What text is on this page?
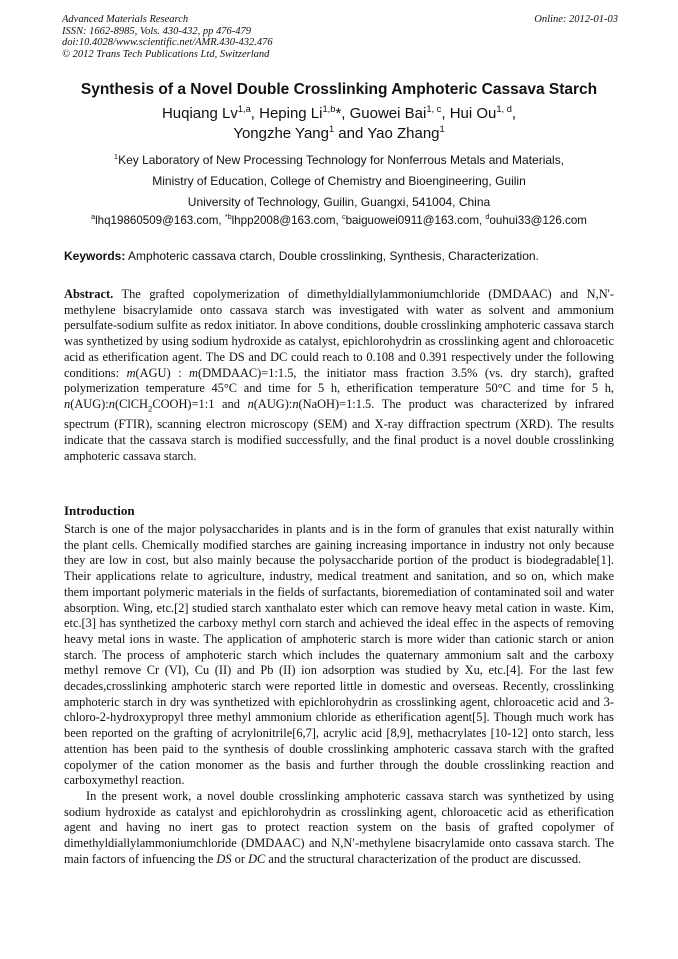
Advanced Materials Research
ISSN: 1662-8985, Vols. 430-432, pp 476-479
doi:10.4028/www.scientific.net/AMR.430-432.476
© 2012 Trans Tech Publications Ltd, Switzerland
Online: 2012-01-03
Synthesis of a Novel Double Crosslinking Amphoteric Cassava Starch
Huqiang Lv$^{1,a}$, Heping Li$^{1,b}$*, Guowei Bai$^{1, c}$, Hui Ou$^{1, d}$,
Yongzhe Yang$^1$ and Yao Zhang$^1$
$^1$Key Laboratory of New Processing Technology for Nonferrous Metals and Materials,
Ministry of Education, College of Chemistry and Bioengineering, Guilin
University of Technology, Guilin, Guangxi, 541004, China
$^a$lhq19860509@163.com, $^{*b}$lhpp2008@163.com, $^c$baiguowei0911@163.com, $^d$ouhui33@126.com
Keywords: Amphoteric cassava ctarch, Double crosslinking, Synthesis, Characterization.
Abstract. The grafted copolymerization of dimethyldiallylammoniumchloride (DMDAAC) and N,N'-methylene bisacrylamide onto cassava starch was investigated with water as solvent and ammonium persulfate-sodium sulfite as redox initiator. In above conditions, double crosslinking amphoteric cassava starch was synthetized by using sodium hydroxide as catalyst, epichlorohydrin as crosslinking agent and chloroacetic acid as etherification agent. The DS and DC could reach to 0.108 and 0.391 respectively under the following conditions: m(AGU) : m(DMDAAC)=1:1.5, the initiator mass fraction 3.5% (vs. dry starch), grafted polymerization temperature 45°C and time for 5 h, etherification temperature 50°C and time for 5 h, n(AUG):n(ClCH$_2$COOH)=1:1 and n(AUG):n(NaOH)=1:1.5. The product was characterized by infrared spectrum (FTIR), scanning electron microscopy (SEM) and X-ray diffraction spectrum (XRD). The results indicate that the cassava starch is modified successfully, and the final product is a novel double crosslinking amphoteric cassava starch.
Introduction

Starch is one of the major polysaccharides in plants and is in the form of granules that exist naturally within the plant cells. Chemically modified starches are gaining increasing importance in industry not only because they are low in cost, but also mainly because the polysaccharide portion of the product is biodegradable[1]. Their applications relate to agriculture, industry, medical treatment and sanitation, and so on, which make them important polymeric materials in the fields of surfactants, bioremediation of contaminated soil and water absorption. Wing, etc.[2] studied starch xanthalato ester which can remove heavy metal cation in waste. Kim, etc.[3] has synthetized the carboxy methyl corn starch and achieved the ideal effec in the aspects of removing heavy metal ions in waste. The application of amphoteric starch is more wider than cationic starch or anion starch. The process of amphoteric starch which includes the quaternary ammonium salt and the carboxy methyl remove Cr (VI), Cu (II) and Pb (II) ion adsorption was studied by Xu, etc.[4]. For the last few decades,crosslinking amphoteric starch were reported little in domestic and overseas. Recently, crosslinking amphoteric starch in dry was synthetized with epichlorohydrin as crosslinking agent, chloroacetic acid and 3-chloro-2-hydroxypropyl three methyl ammonium chloride as etherification agent[5]. Though much work has been reported on the grafting of acrylonitrile[6,7], acrylic acid [8,9], methacrylates [10-12] onto starch, less attention has been paid to the synthesis of double crosslinking amphoteric cassava starch with the grafted copolymer of the cation monomer as the basis and further through the double crosslinking reaction and carboxymethyl reaction.

In the present work, a novel double crosslinking amphoteric cassava starch was synthetized by using sodium hydroxide as catalyst and epichlorohydrin as crosslinking agent, chloroacetic acid as etherification agent and having no inert gas to protect reaction system on the basis of grafted copolymer of dimethyldiallylammoniumchloride (DMDAAC) and N,N′-methylene bisacrylamide onto cassava starch. The main factors of infuencing the DS or DC and the structural characterization of the product are discussed.
